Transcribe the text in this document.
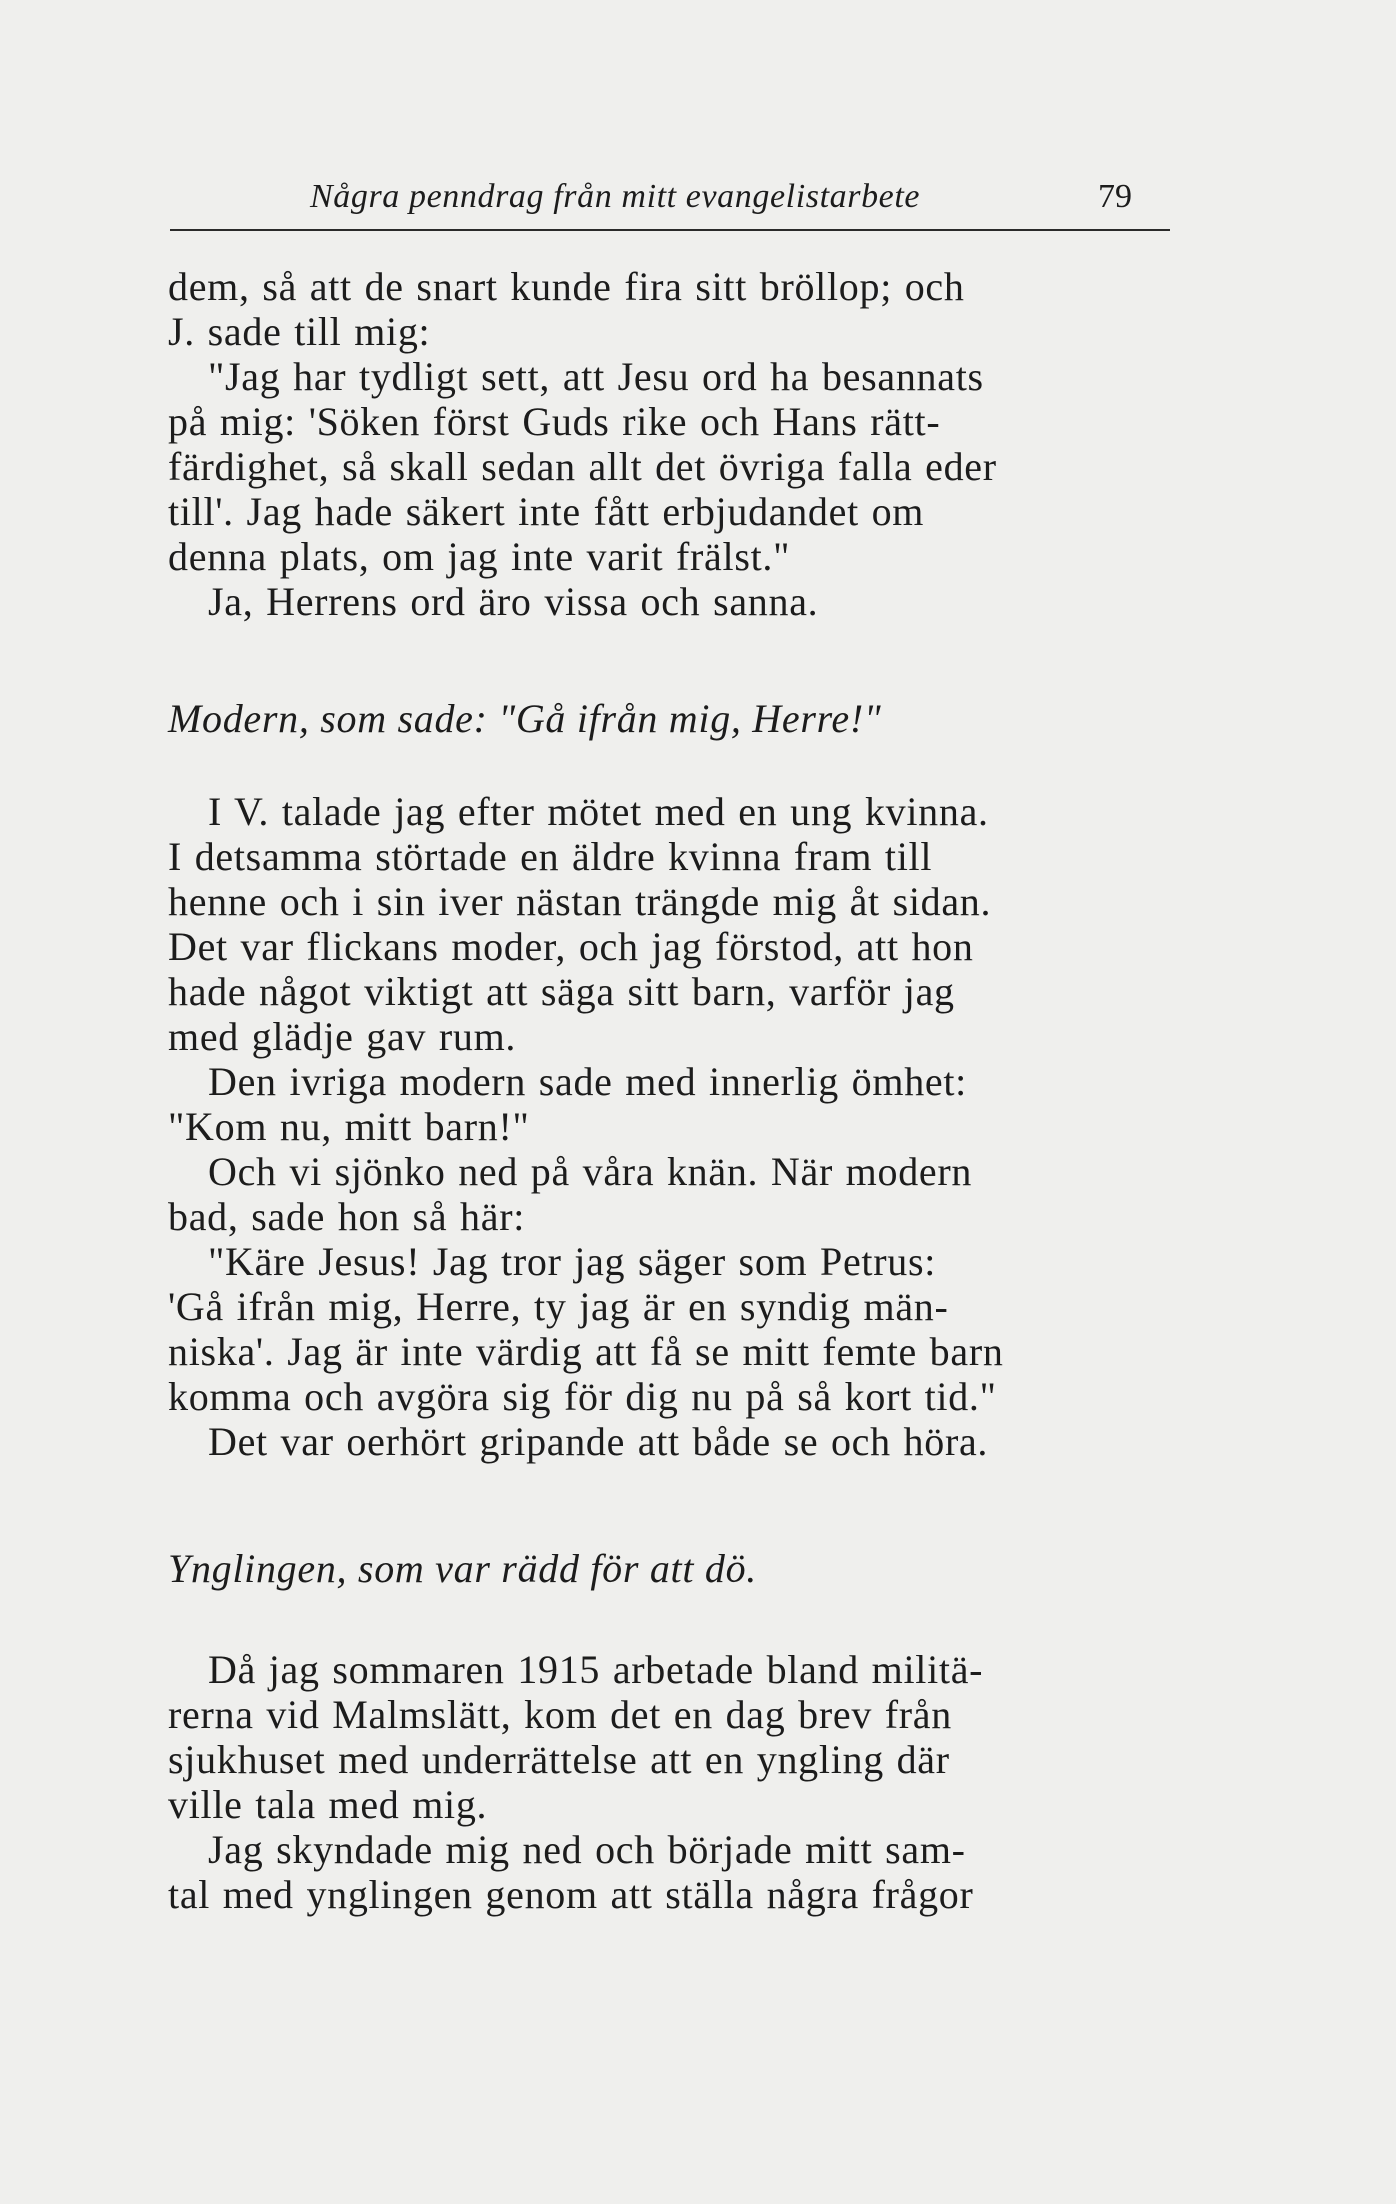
Några penndrag från mitt evangelistarbete	79
dem, så att de snart kunde fira sitt bröllop; och
J. sade till mig:
"Jag har tydligt sett, att Jesu ord ha besannats
på mig: 'Söken först Guds rike och Hans rätt-
färdighet, så skall sedan allt det övriga falla eder
till'. Jag hade säkert inte fått erbjudandet om
denna plats, om jag inte varit frälst."
Ja, Herrens ord äro vissa och sanna.
Modern, som sade: "Gå ifrån mig, Herre!"
I V. talade jag efter mötet med en ung kvinna.
I detsamma störtade en äldre kvinna fram till
henne och i sin iver nästan trängde mig åt sidan.
Det var flickans moder, och jag förstod, att hon
hade något viktigt att säga sitt barn, varför jag
med glädje gav rum.
Den ivriga modern sade med innerlig ömhet:
"Kom nu, mitt barn!"
Och vi sjönko ned på våra knän. När modern
bad, sade hon så här:
"Käre Jesus! Jag tror jag säger som Petrus:
'Gå ifrån mig, Herre, ty jag är en syndig män-
niska'. Jag är inte värdig att få se mitt femte barn
komma och avgöra sig för dig nu på så kort tid."
Det var oerhört gripande att både se och höra.
Ynglingen, som var rädd för att dö.
Då jag sommaren 1915 arbetade bland militä-
rerna vid Malmslätt, kom det en dag brev från
sjukhuset med underrättelse att en yngling där
ville tala med mig.
Jag skyndade mig ned och började mitt sam-
tal med ynglingen genom att ställa några frågor
